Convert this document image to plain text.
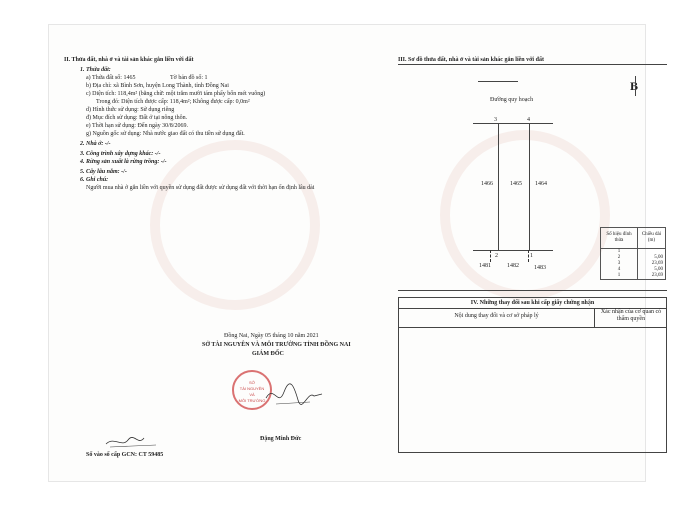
II. Thửa đất, nhà ở và tài sản khác gắn liền với đất
1. Thửa đất:
a) Thửa đất số: 1465	Tờ bản đồ số: 1
b) Địa chỉ: xã Bình Sơn, huyện Long Thành, tỉnh Đồng Nai
c) Diện tích: 118,4m² (bằng chữ: một trăm mười tám phẩy bốn mét vuông)
Trong đó: Diện tích được cấp: 118,4m²; Không được cấp: 0,0m²
d) Hình thức sử dụng: Sử dụng riêng
đ) Mục đích sử dụng: Đất ở tại nông thôn.
e) Thời hạn sử dụng: Đến ngày 30/8/2069.
g) Nguồn gốc sử dụng: Nhà nước giao đất có thu tiền sử dụng đất.
2. Nhà ở: -/-
3. Công trình xây dựng khác: -/-
4. Rừng sản xuất là rừng trồng: -/-
5. Cây lâu năm: -/-
6. Ghi chú:
Người mua nhà ở gắn liền với quyền sử dụng đất được sử dụng đất với thời hạn ổn định lâu dài
Đồng Nai, Ngày 05 tháng 10 năm 2021
SỞ TÀI NGUYÊN VÀ MÔI TRƯỜNG TỈNH ĐỒNG NAI
GIÁM ĐỐC
SỞ
TÀI NGUYÊN
VÀ
MÔI TRƯỜNG
Đặng Minh Đức
Số vào sổ cấp GCN: CT 59485
III. Sơ đồ thửa đất, nhà ở và tài sản khác gắn liền với đất
B
Đường quy hoạch
3	4
2	1
1466	1465 1464
1481	1482	1483
Số hiệu đỉnh thửa	Chiều dài (m)
1	
2	5,00
3	23,69
4	5,00
1	23,69
IV. Những thay đổi sau khi cấp giấy chứng nhận
Nội dung thay đổi và cơ sở pháp lý
Xác nhận của cơ quan có thẩm quyền
